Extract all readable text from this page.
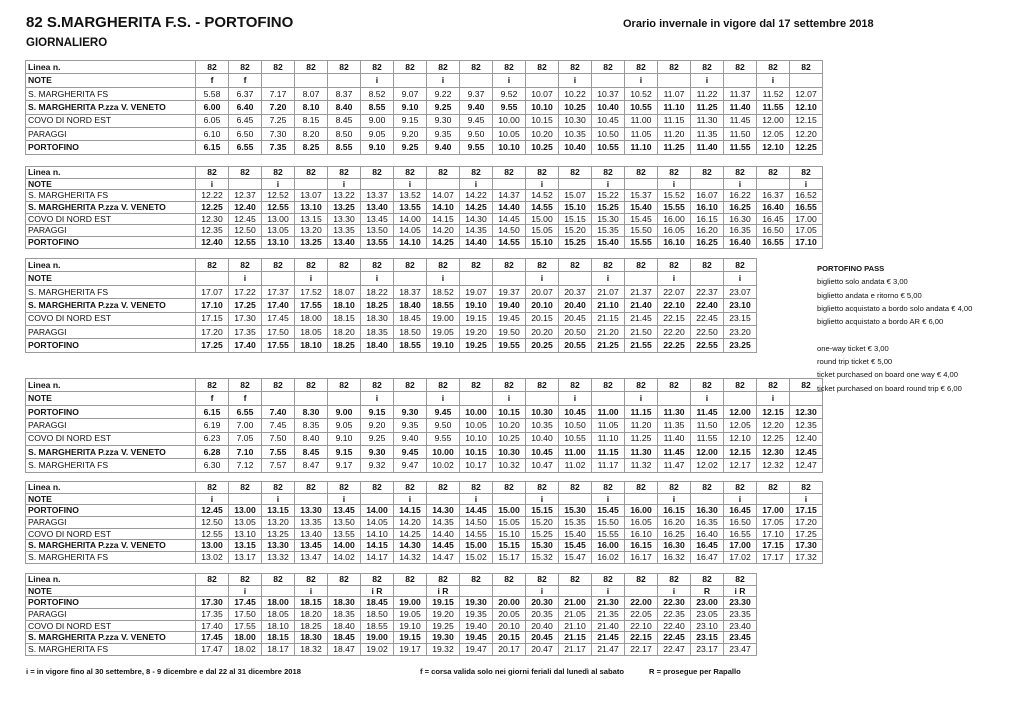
82 S.MARGHERITA F.S. - PORTOFINO
GIORNALIERO
Orario invernale in vigore dal 17 settembre 2018
Linea n.	82	82	82	82	82	82	82	82	82	82	82	82	82	82	82	82	82	82	82
NOTE	f	f				i		i		i		i		i		i		i	
S. MARGHERITA FS	5.58	6.37	7.17	8.07	8.37	8.52	9.07	9.22	9.37	9.52	10.07	10.22	10.37	10.52	11.07	11.22	11.37	11.52	12.07
S. MARGHERITA P.zza V. VENETO	6.00	6.40	7.20	8.10	8.40	8.55	9.10	9.25	9.40	9.55	10.10	10.25	10.40	10.55	11.10	11.25	11.40	11.55	12.10
COVO DI NORD EST	6.05	6.45	7.25	8.15	8.45	9.00	9.15	9.30	9.45	10.00	10.15	10.30	10.45	11.00	11.15	11.30	11.45	12.00	12.15
PARAGGI	6.10	6.50	7.30	8.20	8.50	9.05	9.20	9.35	9.50	10.05	10.20	10.35	10.50	11.05	11.20	11.35	11.50	12.05	12.20
PORTOFINO	6.15	6.55	7.35	8.25	8.55	9.10	9.25	9.40	9.55	10.10	10.25	10.40	10.55	11.10	11.25	11.40	11.55	12.10	12.25
Linea n.	82	82	82	82	82	82	82	82	82	82	82	82	82	82	82	82	82	82	82
NOTE	i		i		i		i		i		i		i		i		i		i
S. MARGHERITA FS	12.22	12.37	12.52	13.07	13.22	13.37	13.52	14.07	14.22	14.37	14.52	15.07	15.22	15.37	15.52	16.07	16.22	16.37	16.52
S. MARGHERITA P.zza V. VENETO	12.25	12.40	12.55	13.10	13.25	13.40	13.55	14.10	14.25	14.40	14.55	15.10	15.25	15.40	15.55	16.10	16.25	16.40	16.55
COVO DI NORD EST	12.30	12.45	13.00	13.15	13.30	13.45	14.00	14.15	14.30	14.45	15.00	15.15	15.30	15.45	16.00	16.15	16.30	16.45	17.00
PARAGGI	12.35	12.50	13.05	13.20	13.35	13.50	14.05	14.20	14.35	14.50	15.05	15.20	15.35	15.50	16.05	16.20	16.35	16.50	17.05
PORTOFINO	12.40	12.55	13.10	13.25	13.40	13.55	14.10	14.25	14.40	14.55	15.10	15.25	15.40	15.55	16.10	16.25	16.40	16.55	17.10
Linea n.	82	82	82	82	82	82	82	82	82	82	82	82	82	82	82	82	82
NOTE		i		i		i		i			i		i		i		i
S. MARGHERITA FS	17.07	17.22	17.37	17.52	18.07	18.22	18.37	18.52	19.07	19.37	20.07	20.37	21.07	21.37	22.07	22.37	23.07
S. MARGHERITA P.zza V. VENETO	17.10	17.25	17.40	17.55	18.10	18.25	18.40	18.55	19.10	19.40	20.10	20.40	21.10	21.40	22.10	22.40	23.10
COVO DI NORD EST	17.15	17.30	17.45	18.00	18.15	18.30	18.45	19.00	19.15	19.45	20.15	20.45	21.15	21.45	22.15	22.45	23.15
PARAGGI	17.20	17.35	17.50	18.05	18.20	18.35	18.50	19.05	19.20	19.50	20.20	20.50	21.20	21.50	22.20	22.50	23.20
PORTOFINO	17.25	17.40	17.55	18.10	18.25	18.40	18.55	19.10	19.25	19.55	20.25	20.55	21.25	21.55	22.25	22.55	23.25
Linea n.	82	82	82	82	82	82	82	82	82	82	82	82	82	82	82	82	82	82	82
NOTE	f	f				i		i		i		i		i		i		i	
PORTOFINO	6.15	6.55	7.40	8.30	9.00	9.15	9.30	9.45	10.00	10.15	10.30	10.45	11.00	11.15	11.30	11.45	12.00	12.15	12.30
PARAGGI	6.19	7.00	7.45	8.35	9.05	9.20	9.35	9.50	10.05	10.20	10.35	10.50	11.05	11.20	11.35	11.50	12.05	12.20	12.35
COVO DI NORD EST	6.23	7.05	7.50	8.40	9.10	9.25	9.40	9.55	10.10	10.25	10.40	10.55	11.10	11.25	11.40	11.55	12.10	12.25	12.40
S. MARGHERITA P.zza V. VENETO	6.28	7.10	7.55	8.45	9.15	9.30	9.45	10.00	10.15	10.30	10.45	11.00	11.15	11.30	11.45	12.00	12.15	12.30	12.45
S. MARGHERITA FS	6.30	7.12	7.57	8.47	9.17	9.32	9.47	10.02	10.17	10.32	10.47	11.02	11.17	11.32	11.47	12.02	12.17	12.32	12.47
Linea n.	82	82	82	82	82	82	82	82	82	82	82	82	82	82	82	82	82	82	82
NOTE	i		i		i		i		i		i		i		i		i		i
PORTOFINO	12.45	13.00	13.15	13.30	13.45	14.00	14.15	14.30	14.45	15.00	15.15	15.30	15.45	16.00	16.15	16.30	16.45	17.00	17.15
PARAGGI	12.50	13.05	13.20	13.35	13.50	14.05	14.20	14.35	14.50	15.05	15.20	15.35	15.50	16.05	16.20	16.35	16.50	17.05	17.20
COVO DI NORD EST	12.55	13.10	13.25	13.40	13.55	14.10	14.25	14.40	14.55	15.10	15.25	15.40	15.55	16.10	16.25	16.40	16.55	17.10	17.25
S. MARGHERITA P.zza V. VENETO	13.00	13.15	13.30	13.45	14.00	14.15	14.30	14.45	15.00	15.15	15.30	15.45	16.00	16.15	16.30	16.45	17.00	17.15	17.30
S. MARGHERITA FS	13.02	13.17	13.32	13.47	14.02	14.17	14.32	14.47	15.02	15.17	15.32	15.47	16.02	16.17	16.32	16.47	17.02	17.17	17.32
Linea n.	82	82	82	82	82	82	82	82	82	82	82	82	82	82	82	82	82
NOTE		i		i		i R		i R			i		i		i	R	i R
PORTOFINO	17.30	17.45	18.00	18.15	18.30	18.45	19.00	19.15	19.30	20.00	20.30	21.00	21.30	22.00	22.30	23.00	23.30
PARAGGI	17.35	17.50	18.05	18.20	18.35	18.50	19.05	19.20	19.35	20.05	20.35	21.05	21.35	22.05	22.35	23.05	23.35
COVO DI NORD EST	17.40	17.55	18.10	18.25	18.40	18.55	19.10	19.25	19.40	20.10	20.40	21.10	21.40	22.10	22.40	23.10	23.40
S. MARGHERITA P.zza V. VENETO	17.45	18.00	18.15	18.30	18.45	19.00	19.15	19.30	19.45	20.15	20.45	21.15	21.45	22.15	22.45	23.15	23.45
S. MARGHERITA FS	17.47	18.02	18.17	18.32	18.47	19.02	19.17	19.32	19.47	20.17	20.47	21.17	21.47	22.17	22.47	23.17	23.47
PORTOFINO PASS
biglietto solo andata € 3,00
biglietto andata e ritorno € 5,00
biglietto acquistato a bordo solo andata € 4,00
biglietto acquistato a bordo AR € 6,00
one-way ticket € 3,00
round trip ticket € 5,00
ticket purchased on board one way € 4,00
ticket purchased on board round trip € 6,00
i = in vigore fino al 30 settembre, 8 - 9 dicembre e dal 22 al 31 dicembre 2018	f = corsa valida solo nei giorni feriali dal lunedì al sabato	R = prosegue per Rapallo
